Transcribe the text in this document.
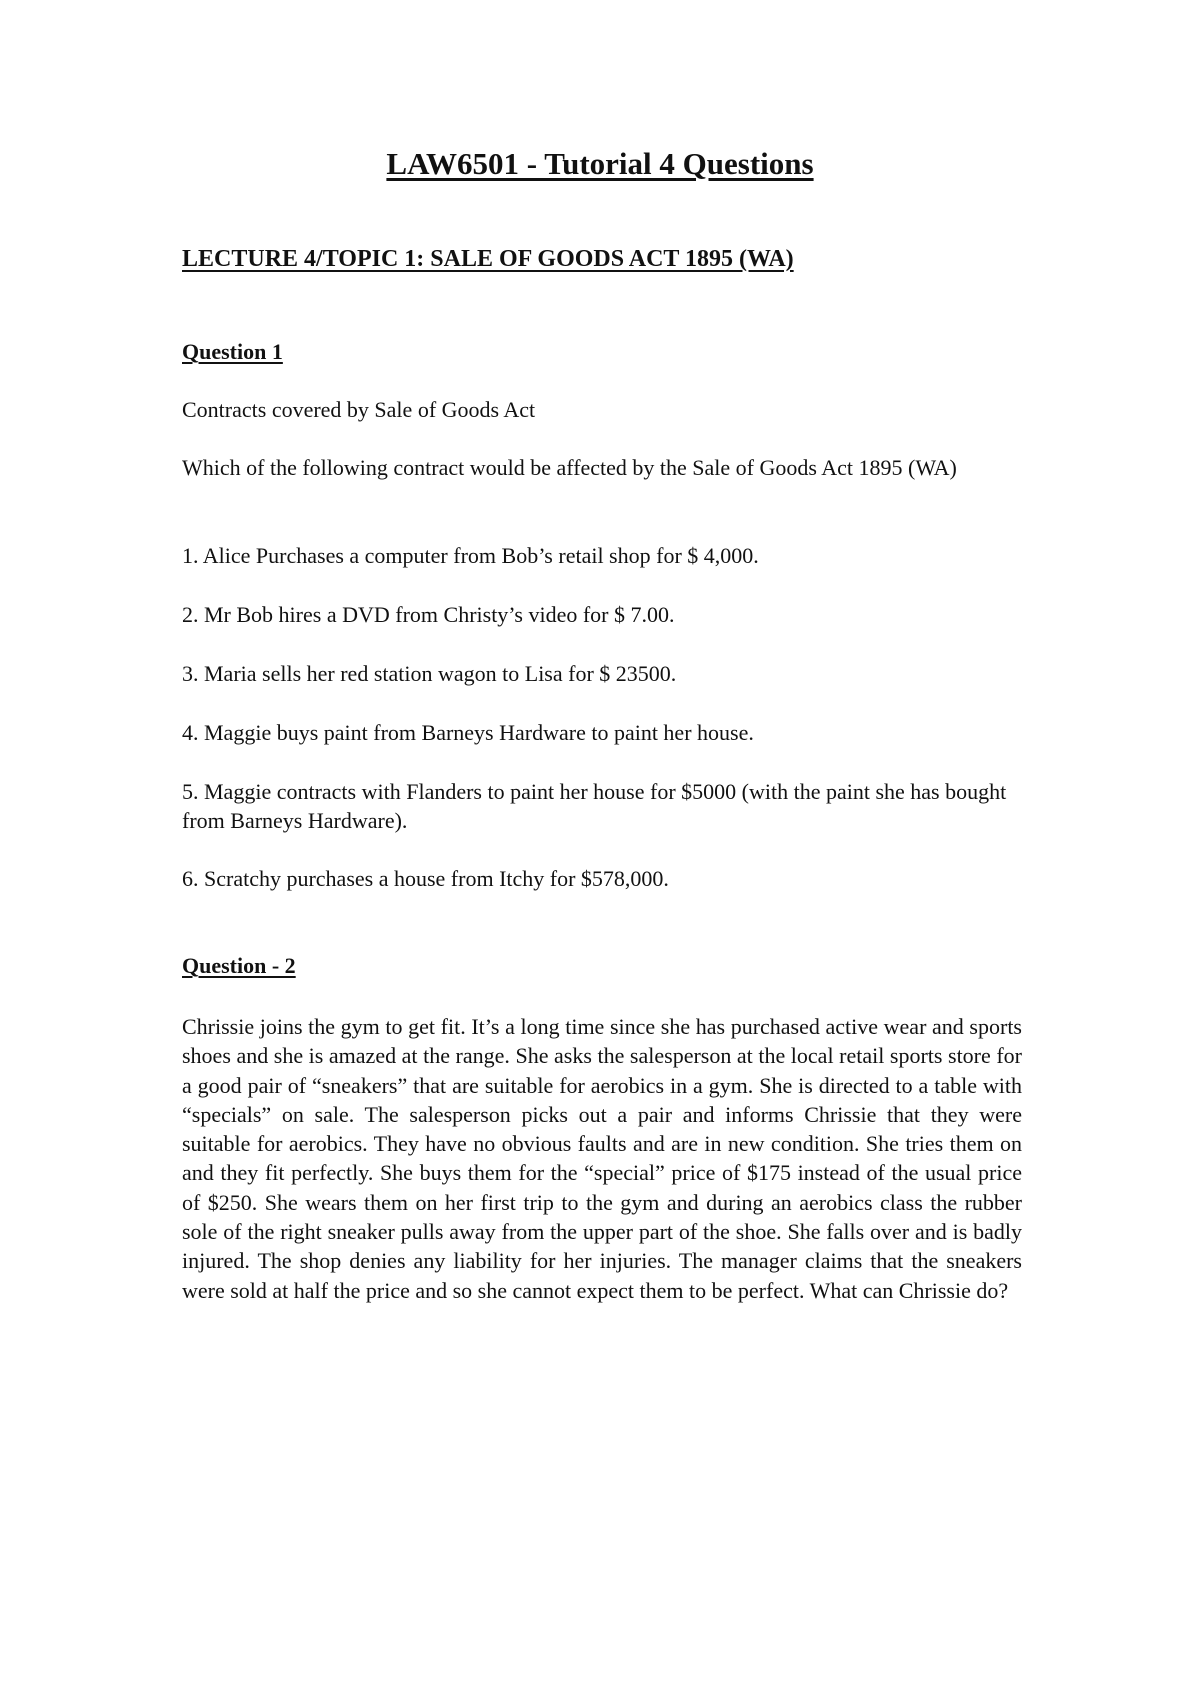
LAW6501 - Tutorial 4 Questions
LECTURE 4/TOPIC 1: SALE OF GOODS ACT 1895 (WA)
Question 1

Contracts covered by Sale of Goods Act

Which of the following contract would be affected by the Sale of Goods Act 1895 (WA)

1. Alice Purchases a computer from Bob’s retail shop for $ 4,000.

2. Mr Bob hires a DVD from Christy’s video for $ 7.00.

3. Maria sells her red station wagon to Lisa for $ 23500.

4. Maggie buys paint from Barneys Hardware to paint her house.

5. Maggie contracts with Flanders to paint her house for $5000 (with the paint she has bought from Barneys Hardware).

6. Scratchy purchases a house from Itchy for $578,000.

Question - 2

Chrissie joins the gym to get fit. It’s a long time since she has purchased active wear and sports shoes and she is amazed at the range. She asks the salesperson at the local retail sports store for a good pair of “sneakers” that are suitable for aerobics in a gym. She is directed to a table with “specials” on sale. The salesperson picks out a pair and informs Chrissie that they were suitable for aerobics. They have no obvious faults and are in new condition. She tries them on and they fit perfectly. She buys them for the “special” price of $175 instead of the usual price of $250. She wears them on her first trip to the gym and during an aerobics class the rubber sole of the right sneaker pulls away from the upper part of the shoe. She falls over and is badly injured. The shop denies any liability for her injuries. The manager claims that the sneakers were sold at half the price and so she cannot expect them to be perfect. What can Chrissie do?
